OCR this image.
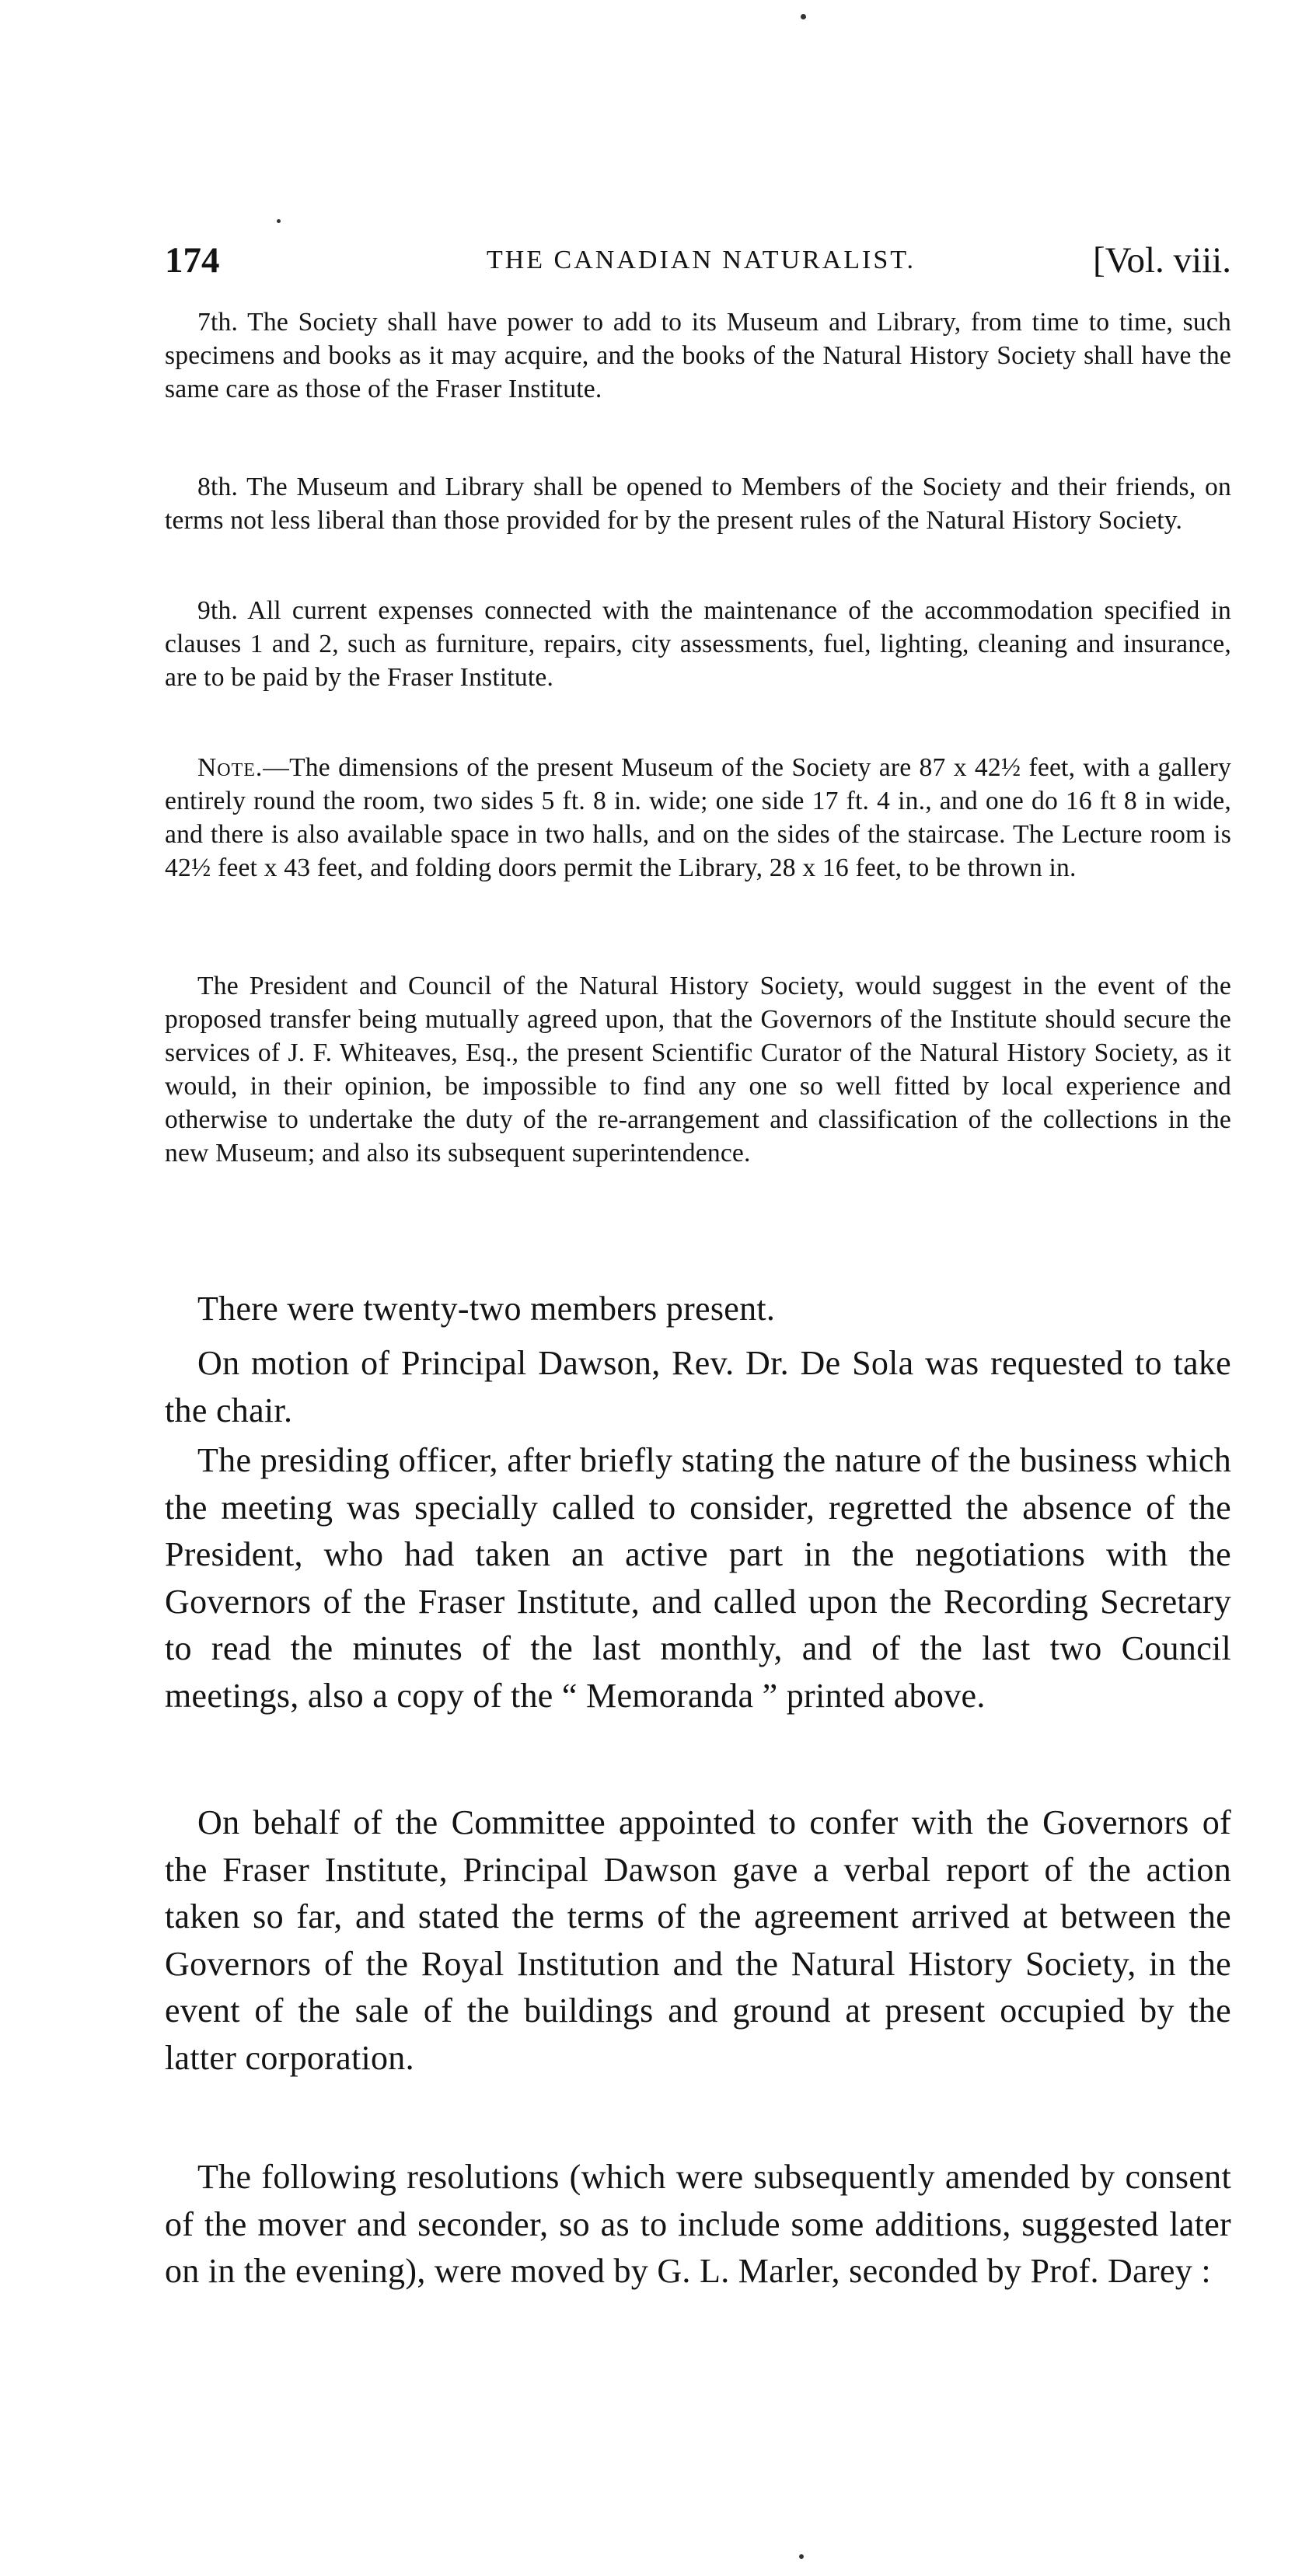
174	THE CANADIAN NATURALIST.	[Vol. viii.

7th. The Society shall have power to add to its Museum and Library, from time to time, such specimens and books as it may acquire, and the books of the Natural History Society shall have the same care as those of the Fraser Institute.

8th. The Museum and Library shall be opened to Members of the Society and their friends, on terms not less liberal than those provided for by the present rules of the Natural History Society.

9th. All current expenses connected with the maintenance of the accommodation specified in clauses 1 and 2, such as furniture, repairs, city assessments, fuel, lighting, cleaning and insurance, are to be paid by the Fraser Institute.

Note.—The dimensions of the present Museum of the Society are 87 x 42½ feet, with a gallery entirely round the room, two sides 5 ft. 8 in. wide; one side 17 ft. 4 in., and one do 16 ft 8 in wide, and there is also available space in two halls, and on the sides of the staircase. The Lecture room is 42½ feet x 43 feet, and folding doors permit the Library, 28 x 16 feet, to be thrown in.

The President and Council of the Natural History Society, would suggest in the event of the proposed transfer being mutually agreed upon, that the Governors of the Institute should secure the services of J. F. Whiteaves, Esq., the present Scientific Curator of the Natural History Society, as it would, in their opinion, be impossible to find any one so well fitted by local experience and otherwise to undertake the duty of the re-arrangement and classification of the collections in the new Museum; and also its subsequent superintendence.

There were twenty-two members present.

On motion of Principal Dawson, Rev. Dr. De Sola was requested to take the chair.

The presiding officer, after briefly stating the nature of the business which the meeting was specially called to consider, regretted the absence of the President, who had taken an active part in the negotiations with the Governors of the Fraser Institute, and called upon the Recording Secretary to read the minutes of the last monthly, and of the last two Council meetings, also a copy of the “ Memoranda ” printed above.

On behalf of the Committee appointed to confer with the Governors of the Fraser Institute, Principal Dawson gave a verbal report of the action taken so far, and stated the terms of the agreement arrived at between the Governors of the Royal Institution and the Natural History Society, in the event of the sale of the buildings and ground at present occupied by the latter corporation.

The following resolutions (which were subsequently amended by consent of the mover and seconder, so as to include some additions, suggested later on in the evening), were moved by G. L. Marler, seconded by Prof. Darey :
